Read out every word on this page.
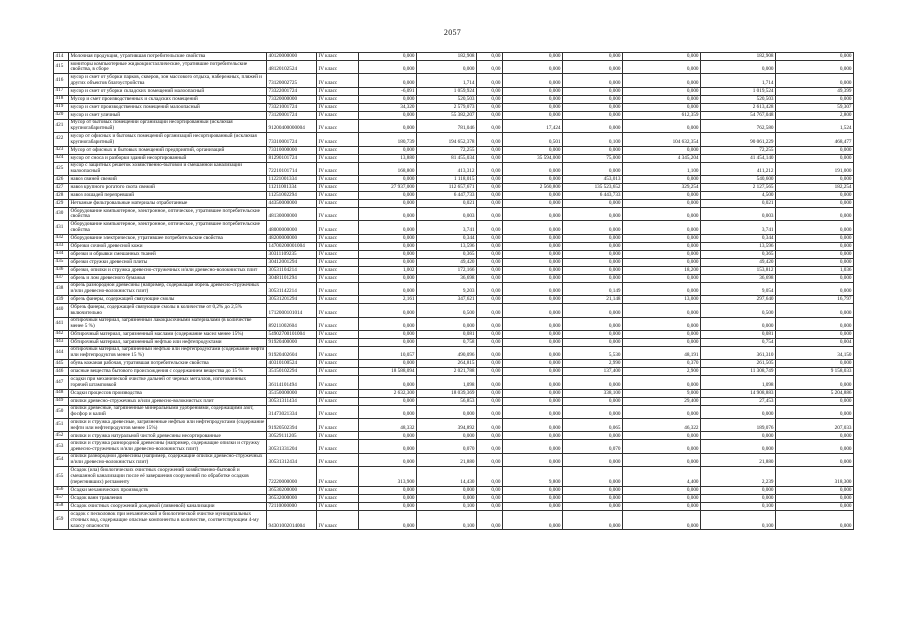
2057
414	Молочная продукция, утратившая потребительские свойства	40120000000	IV класс	0,000	182,908	0,00	0,000	0,000	0,000	182,908	0,000
415	мониторы компьютерные жидкокристаллические, утратившие потребительские свойства, в сборе	48120102524	IV класс	0,000	0,000	0,00	0,000	0,000	0,000	0,000	0,000
416	мусор и смет от уборки парков, скверов, зон массового отдыха, набережных, пляжей и других объектов благоустройства	73120002725	IV класс	0,000	1,714	0,00	0,000	0,000	0,000	1,714	0,000
417	мусор и смет от уборки складских помещений малоопасный	73322001724	IV класс	-6,091	1 059,924	0,00	0,000	0,000	0,000	1 019,524	49,399
418	Мусор и смет производственных и складских помещений	73320000000	IV класс	0,000	520,503	0,00	0,000	0,000	0,000	520,503	0,000
419	мусор и смет производственных помещений малоопасный	73321001724	IV класс	34,320	2 579,073	0,00	0,000	0,000	0,000	2 613,428	59,307
420	мусор и смет уличный	73120001724	IV класс	0,000	55 382,207	0,00	0,000	0,000	612,359	54 767,048	2,800
421	Мусор от бытовых помещений организаций несортированный (исключая крупногабаритный)	91200400000004	IV класс	0,000	781,046	0,00	17,424	0,000	0,000	762,580	1,524
422	мусор от офисных и бытовых помещений организаций несортированный (исключая крупногабаритный)	73310001724	IV класс	180,739	194 652,378	0,00	0,501	0,100	104 632,354	90 061,229	468,477
423	Мусор от офисных и бытовых помещений предприятий, организаций	73310000000	IV класс	0,000	72,255	0,00	0,000	0,000	0,000	72,255	0,000
424	мусор от сноса и разборки зданий несортированный	81290101724	IV класс	13,880	81 455,034	0,00	35 594,000	75,000	4 345,204	41 454,140	0,000
425	мусор с защитных решеток хозяйственно-бытовой и смешанной канализации малоопасный	72210101714	IV класс	168,800	413,312	0,00	0,000	0,000	1,100	411,212	191,000
426	навоз свиней свежий	11221001334	IV класс	0,000	1 118,015	0,00	0,000	453,013	0,000	540,600	0,000
427	навоз крупного рогатого скота свежий	11211001334	IV класс	27 937,000	112 657,671	0,00	2 560,800	135 523,652	329,254	2 127,565	182,254
428	навоз лошадей перепревший	11251002294	IV класс	0,000	6 447,733	0,00	0,000	6 443,733	0,000	4,500	0,000
429	Нетканые фильтровальные материалы отработанные	44350000000	IV класс	0,000	0,021	0,00	0,000	0,000	0,000	0,021	0,000
430	Оборудование компьютерное, электронное, оптическое, утратившее потребительские свойства	48130000000	IV класс	0,000	0,003	0,00	0,000	0,000	0,000	0,003	0,000
431	Оборудование компьютерное, электронное, оптическое, утратившее потребительские свойства	48000000000	IV класс	0,000	3,741	0,00	0,000	0,000	0,000	3,741	0,000
432	Оборудование электрическое, утратившее потребительские свойства	48200000000	IV класс	0,000	0,344	0,00	0,000	0,000	0,000	0,344	0,000
433	Обрезки сочной древесной кожи	14700200001004	IV класс	0,000	13,596	0,00	0,000	0,000	0,000	13,596	0,000
434	обрезки и обрывки смешанных тканей	30311109235	IV класс	0,000	0,365	0,00	0,000	0,000	0,000	0,365	0,000
435	обрезки стружки древесной плиты	30412001294	IV класс	0,000	49,420	0,00	0,000	0,000	0,000	49,420	0,000
436	обрезки, опилки и стружка древесно-стружечных и/или древесно-волокнистых плит	30531104214	IV класс	1,002	172,166	0,00	0,000	0,000	18,200	153,812	1,036
437	обрезь и лом древесного бумажья	30481101294	IV класс	0,000	36,698	0,00	0,000	0,000	0,000	36,698	0,000
438	обрезь разнородной древесины (например, содержащая обрезь древесно-стружечных и/или древесно-волокнистых плит)	30531142214	IV класс	0,000	9,203	0,00	0,000	0,149	0,000	9,054	0,000
439	обрезь фанеры, содержащей связующие смолы	30531201294	IV класс	2,161	347,621	0,00	0,000	21,148	13,000	297,640	16,797
440	Обрезь фанеры, содержащей связующие смолы в количестве от 0,2% до 2,5% включительно	1712000101014	IV класс	0,000	0,500	0,00	0,000	0,000	0,000	0,500	0,000
441	обтирочный материал, загрязненный лакокрасочными материалами (в количестве менее 5 %)	89211002604	IV класс	0,000	0,000	0,00	0,000	0,000	0,000	0,000	0,000
442	Обтирочный материал, загрязненный маслами (содержание масел менее 15%)	54902700101004	IV класс	0,000	0,081	0,00	0,000	0,000	0,000	0,081	0,000
443	Обтирочный материал, загрязненный нефтью или нефтепродуктами	91920400000	IV класс	0,000	0,758	0,00	0,000	0,000	0,000	0,754	0,004
444	обтирочный материал, загрязненный нефтью или нефтепродуктами (содержание нефти или нефтепродуктов менее 15 %)	91920402604	IV класс	10,057	490,096	0,00	0,000	5,530	48,191	361,310	34,150
445	обувь кожаная рабочая, утратившая потребительские свойства	40310100524	IV класс	0,000	264,815	0,00	0,000	2,990	0,370	261,505	0,000
446	опасные вещества бытового происхождения с содержанием вещества до 15 %	35150102294	IV класс	18 588,094	2 021,788	0,00	0,000	137,400	2,900	11 308,749	9 158,033
447	осадки при механической очистке дальней от черных металлов, изготовленных горячей штамповкой	36114101494	IV класс	0,000	1,098	0,00	0,000	0,000	0,000	1,098	0,000
448	Осадки процессов производства	35150000000	IV класс	2 632,300	18 039,369	0,00	0,000	338,100	9,000	14 908,883	5 204,886
449	опилки древесно-стружечных и/или древесно-волокнистых плит	30531311434	IV класс	0,000	56,853	0,00	0,000	0,000	29,400	27,453	0,000
450	опилки древесные, загрязненные минеральными удобрениями, содержащими азот, фосфор и калий	31473021334	IV класс	0,000	0,000	0,00	0,000	0,000	0,000	0,000	0,000
451	опилки и стружка древесные, загрязненные нефтью или нефтепродуктами (содержание нефти или нефтепродуктов менее 15%)	91920502394	IV класс	48,332	394,892	0,00	0,000	0,065	46,322	189,076	207,033
452	опилки и стружка натуральной чистой древесины несортированные	30529111205	IV класс	0,000	0,000	0,00	0,000	0,000	0,000	0,000	0,000
453	опилки и стружка разнородной древесины (например, содержащие опилки и стружку древесно-стружечных и/или древесно-волокнистых плит)	30531331204	IV класс	0,000	0,070	0,00	0,000	0,070	0,000	0,000	0,000
454	опилки разнородной древесины (например, содержащие опилки древесно-стружечных и/или древесно-волокнистых плит)	30531312434	IV класс	0,000	21,880	0,00	0,000	0,000	0,000	21,880	0,000
455	Осадок (ила) биологических очистных сооружений хозяйственно-бытовой и смешанной канализации после её завершения сооружений по обработке осадков (перегнивших) регламенту	72220000000	IV класс	313,900	14,430	0,00	9,800	0,000	4,400	2,239	318,300
456	Осадки механических производств	36530200000	IV класс	0,000	0,000	0,00	0,000	0,000	0,000	0,000	0,000
457	Осадок ванн травления	36532000000	IV класс	0,000	0,000	0,00	0,000	0,000	0,000	0,000	0,000
458	Осадок очистных сооружений дождевой (ливневой) канализации	72110000000	IV класс	0,000	0,100	0,00	0,000	0,000	0,000	0,100	0,000
459	осадок с песколовок при механической и биологической очистке муниципальных сточных вод, содержащие опасные компоненты в количестве, соответствующем 4-му классу опасности	94301002014004	IV класс	0,000	0,100	0,00	0,000	0,000	0,000	0,100	0,000
